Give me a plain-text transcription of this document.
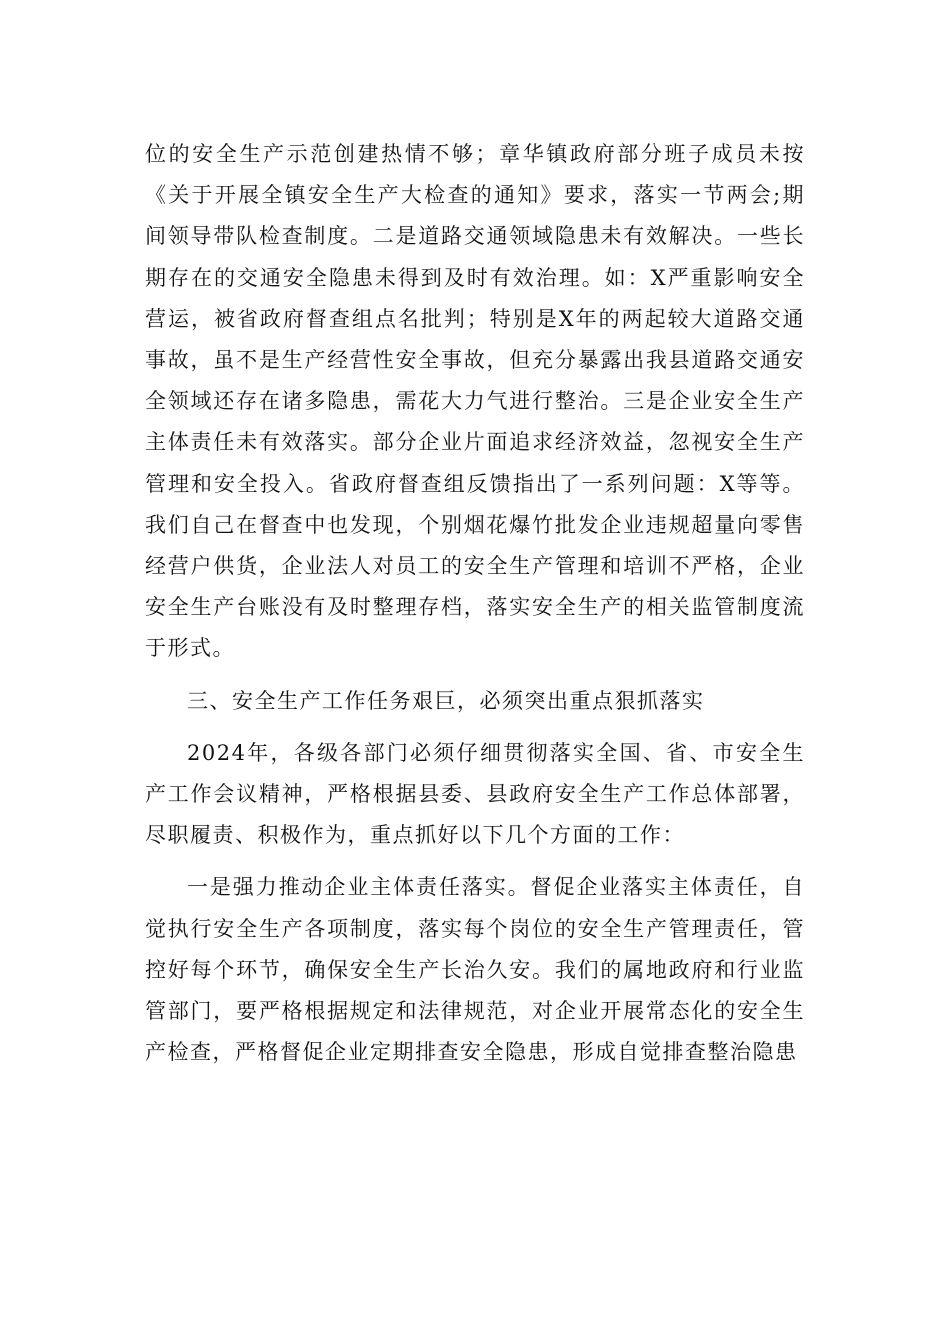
位的安全生产示范创建热情不够；章华镇政府部分班子成员未按《关于开展全镇安全生产大检查的通知》要求，落实一节两会;期间领导带队检查制度。二是道路交通领域隐患未有效解决。一些长期存在的交通安全隐患未得到及时有效治理。如：X严重影响安全营运，被省政府督查组点名批判；特别是X年的两起较大道路交通事故，虽不是生产经营性安全事故，但充分暴露出我县道路交通安全领域还存在诸多隐患，需花大力气进行整治。三是企业安全生产主体责任未有效落实。部分企业片面追求经济效益，忽视安全生产管理和安全投入。省政府督查组反馈指出了一系列问题：X等等。我们自己在督查中也发现，个别烟花爆竹批发企业违规超量向零售经营户供货，企业法人对员工的安全生产管理和培训不严格，企业安全生产台账没有及时整理存档，落实安全生产的相关监管制度流于形式。

三、安全生产工作任务艰巨，必须突出重点狠抓落实

2024年，各级各部门必须仔细贯彻落实全国、省、市安全生产工作会议精神，严格根据县委、县政府安全生产工作总体部署，尽职履责、积极作为，重点抓好以下几个方面的工作：

一是强力推动企业主体责任落实。督促企业落实主体责任，自觉执行安全生产各项制度，落实每个岗位的安全生产管理责任，管控好每个环节，确保安全生产长治久安。我们的属地政府和行业监管部门，要严格根据规定和法律规范，对企业开展常态化的安全生产检查，严格督促企业定期排查安全隐患，形成自觉排查整治隐患
